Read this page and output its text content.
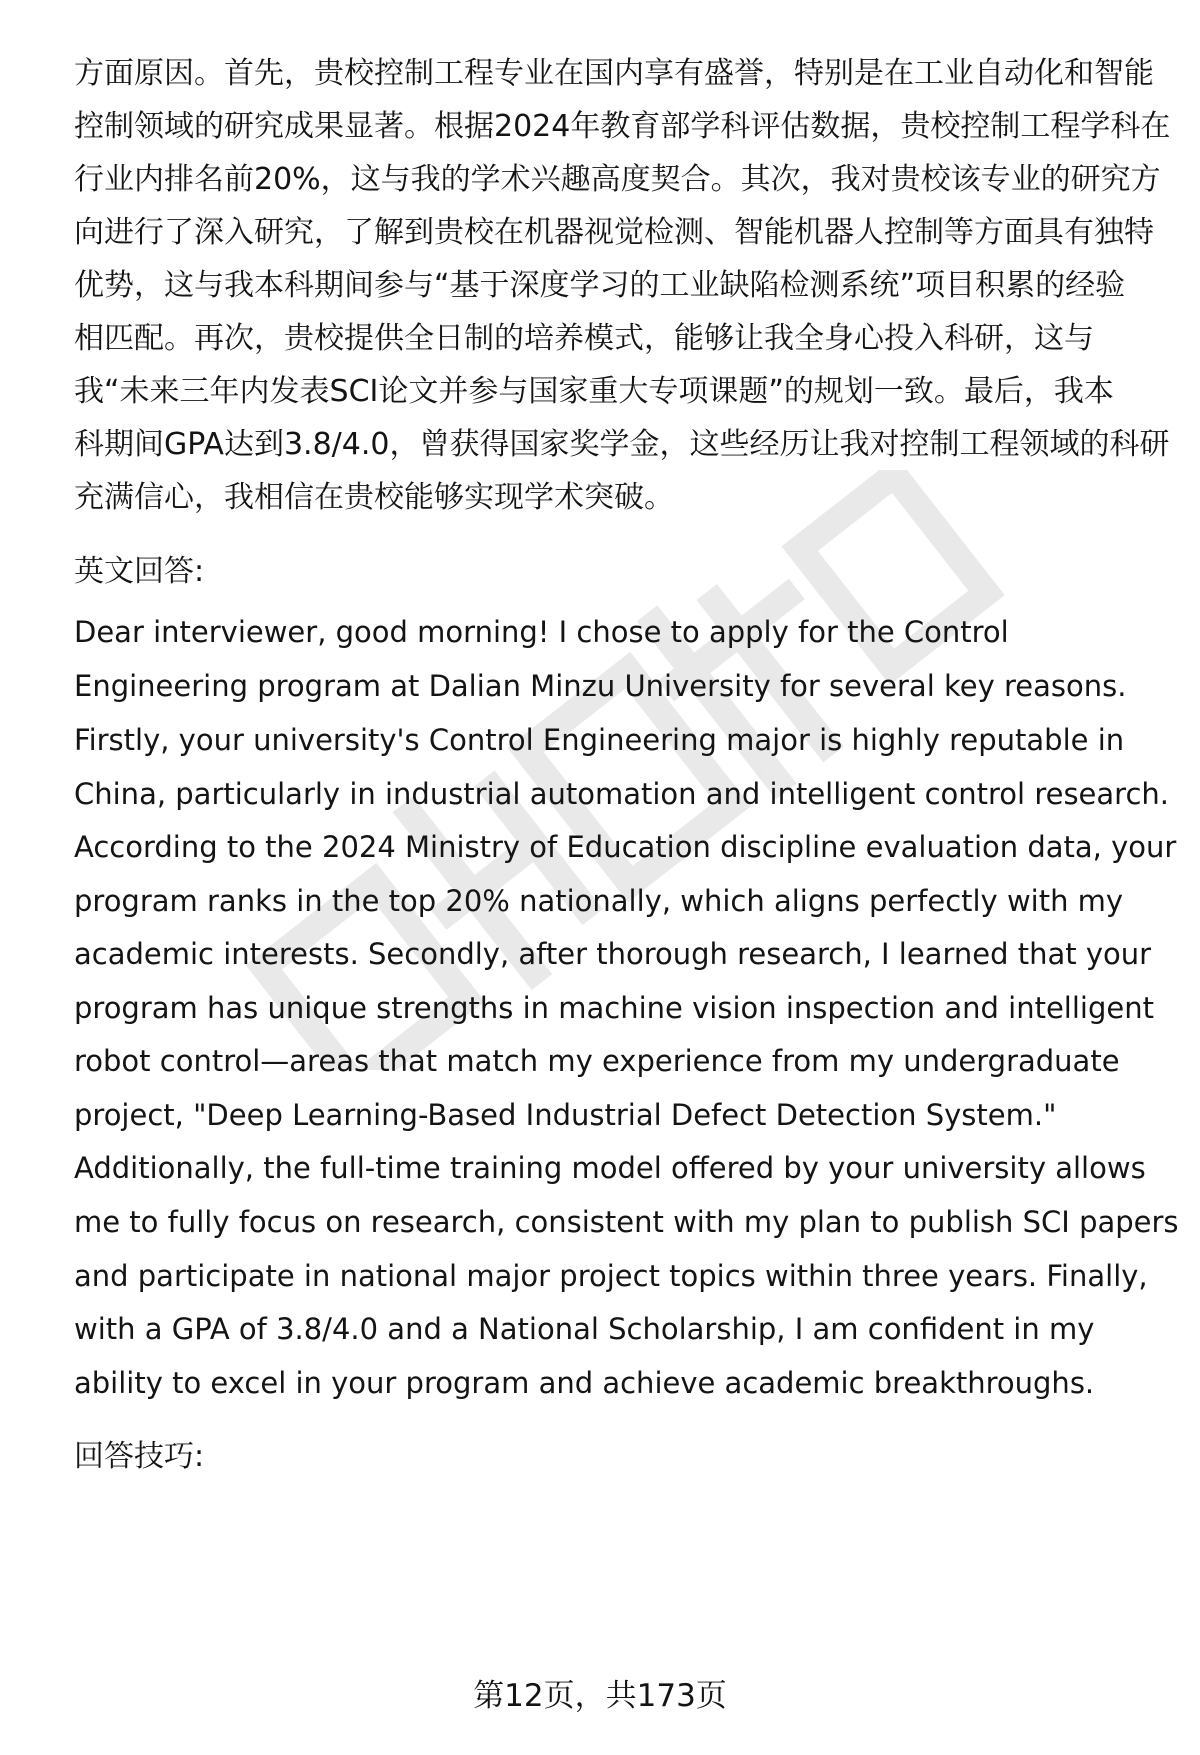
方面原因。首先，贵校控制工程专业在国内享有盛誉，特别是在工业自动化和智能
控制领域的研究成果显著。根据2024年教育部学科评估数据，贵校控制工程学科在
行业内排名前20%，这与我的学术兴趣高度契合。其次，我对贵校该专业的研究方
向进行了深入研究，了解到贵校在机器视觉检测、智能机器人控制等方面具有独特
优势，这与我本科期间参与“基于深度学习的工业缺陷检测系统”项目积累的经验
相匹配。再次，贵校提供全日制的培养模式，能够让我全身心投入科研，这与
我“未来三年内发表SCI论文并参与国家重大专项课题”的规划一致。最后，我本
科期间GPA达到3.8/4.0，曾获得国家奖学金，这些经历让我对控制工程领域的科研
充满信心，我相信在贵校能够实现学术突破。
英文回答:
Dear interviewer, good morning! I chose to apply for the Control
Engineering program at Dalian Minzu University for several key reasons.
Firstly, your university's Control Engineering major is highly reputable in
China, particularly in industrial automation and intelligent control research.
According to the 2024 Ministry of Education discipline evaluation data, your
program ranks in the top 20% nationally, which aligns perfectly with my
academic interests. Secondly, after thorough research, I learned that your
program has unique strengths in machine vision inspection and intelligent
robot control—areas that match my experience from my undergraduate
project, "Deep Learning-Based Industrial Defect Detection System."
Additionally, the full-time training model offered by your university allows
me to fully focus on research, consistent with my plan to publish SCI papers
and participate in national major project topics within three years. Finally,
with a GPA of 3.8/4.0 and a National Scholarship, I am confident in my
ability to excel in your program and achieve academic breakthroughs.
回答技巧:
第12页，共173页
